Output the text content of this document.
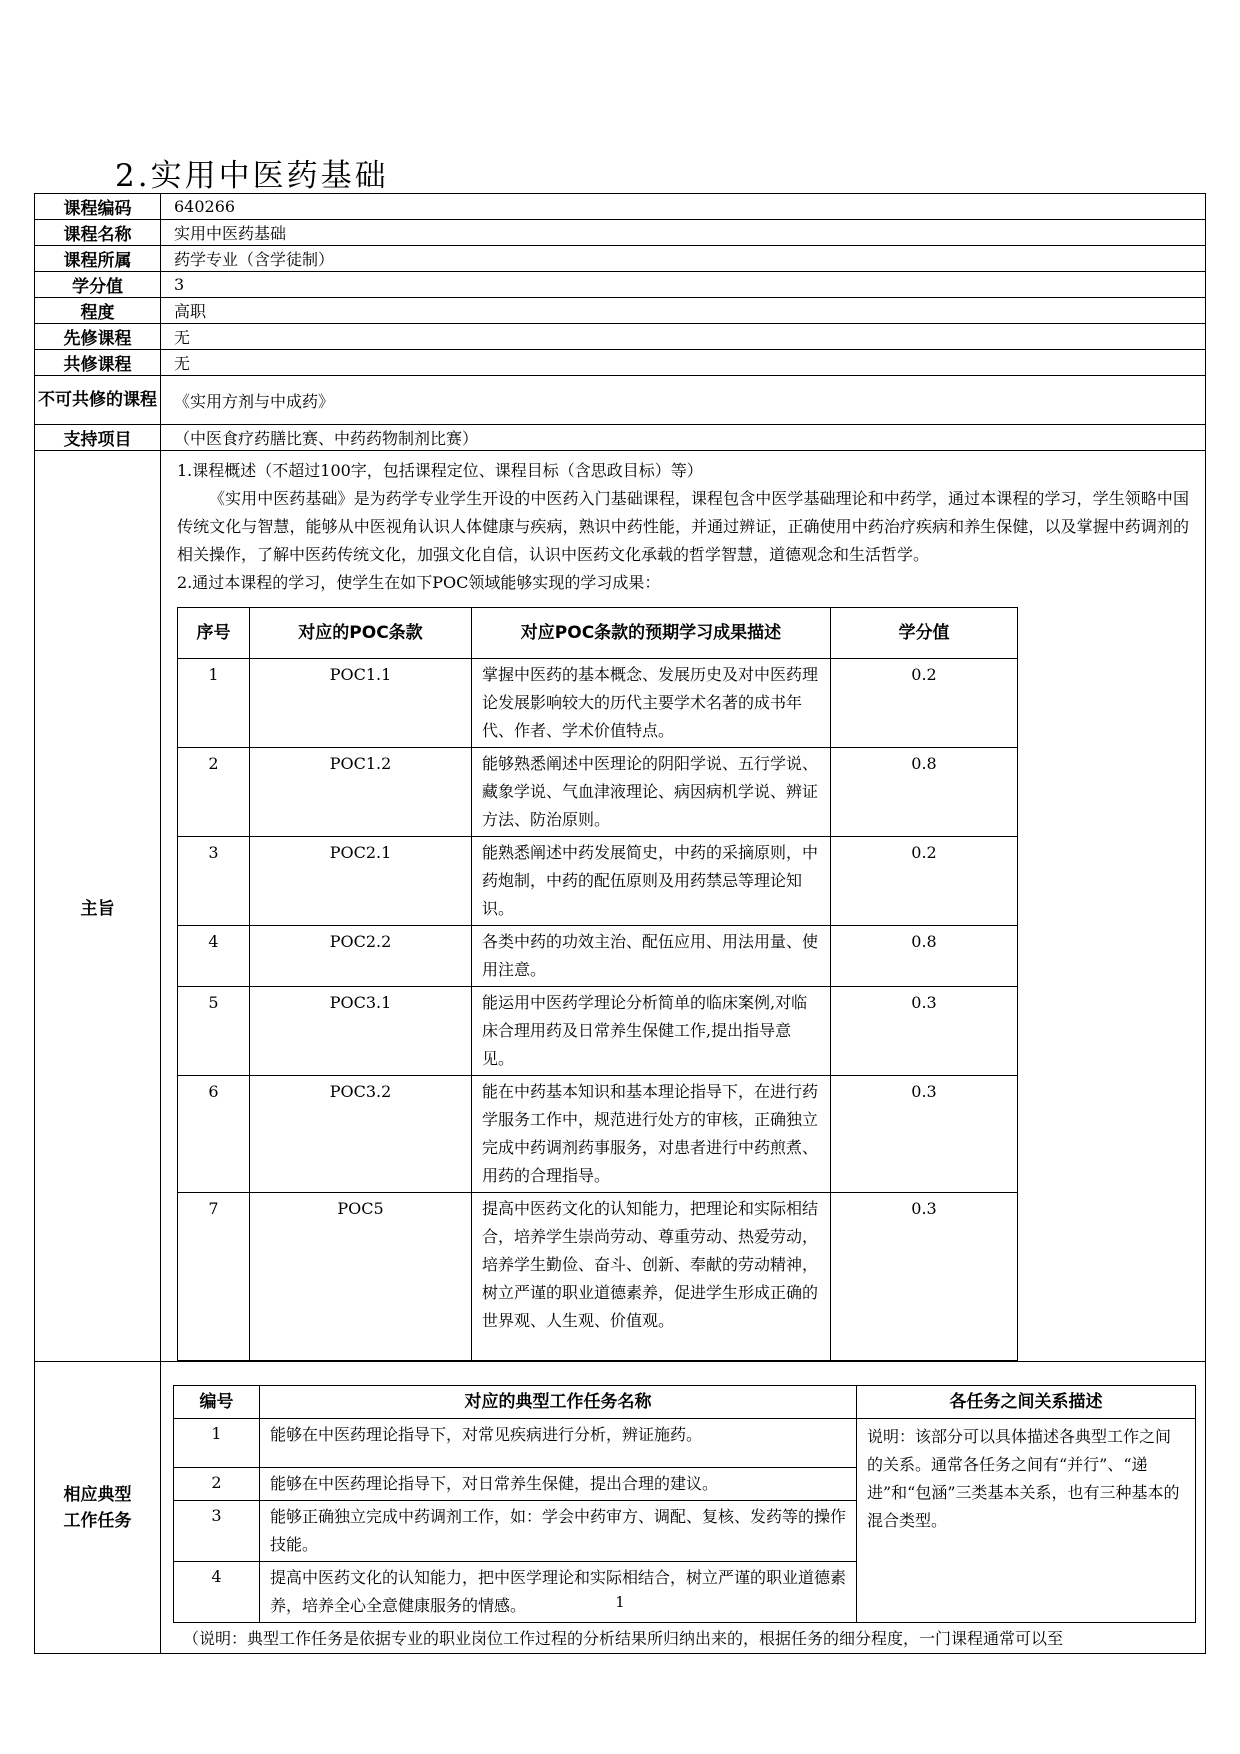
2.实用中医药基础
课程编码	640266
课程名称	实用中医药基础
课程所属	药学专业（含学徒制）
学分值	3
程度	高职
先修课程	无
共修课程	无
不可共修的课程	《实用方剂与中成药》
支持项目	（中医食疗药膳比赛、中药药物制剂比赛）
主旨	
1.课程概述（不超过100字，包括课程定位、课程目标（含思政目标）等）
《实用中医药基础》是为药学专业学生开设的中医药入门基础课程，课程包含中医学基础理论和中药学，通过本课程的学习，学生领略中国传统文化与智慧，能够从中医视角认识人体健康与疾病，熟识中药性能，并通过辨证，正确使用中药治疗疾病和养生保健，以及掌握中药调剂的相关操作，了解中医药传统文化，加强文化自信，认识中医药文化承载的哲学智慧，道德观念和生活哲学。
2.通过本课程的学习，使学生在如下POC领域能够实现的学习成果：
序号	对应的POC条款	对应POC条款的预期学习成果描述	学分值
1	POC1.1	掌握中医药的基本概念、发展历史及对中医药理论发展影响较大的历代主要学术名著的成书年代、作者、学术价值特点。	0.2
2	POC1.2	能够熟悉阐述中医理论的阴阳学说、五行学说、藏象学说、气血津液理论、病因病机学说、辨证方法、防治原则。	0.8
3	POC2.1	能熟悉阐述中药发展简史，中药的采摘原则，中药炮制，中药的配伍原则及用药禁忌等理论知识。	0.2
4	POC2.2	各类中药的功效主治、配伍应用、用法用量、使用注意。	0.8
5	POC3.1	能运用中医药学理论分析简单的临床案例,对临床合理用药及日常养生保健工作,提出指导意见。	0.3
6	POC3.2	能在中药基本知识和基本理论指导下，在进行药学服务工作中，规范进行处方的审核，正确独立完成中药调剂药事服务，对患者进行中药煎煮、用药的合理指导。	0.3
7	POC5	提高中医药文化的认知能力，把理论和实际相结合，培养学生崇尚劳动、尊重劳动、热爱劳动，培养学生勤俭、奋斗、创新、奉献的劳动精神，树立严谨的职业道德素养，促进学生形成正确的世界观、人生观、价值观。	0.3

相应典型工作任务

编号	对应的典型工作任务名称	各任务之间关系描述
1	能够在中医药理论指导下，对常见疾病进行分析，辨证施药。	说明：该部分可以具体描述各典型工作之间的关系。通常各任务之间有“并行”、“递进”和“包涵”三类基本关系，也有三种基本的混合类型。
2	能够在中医药理论指导下，对日常养生保健，提出合理的建议。
3	能够正确独立完成中药调剂工作，如：学会中药审方、调配、复核、发药等的操作技能。
4	提高中医药文化的认知能力，把中医学理论和实际相结合，树立严谨的职业道德素养，培养全心全意健康服务的情感。
（说明：典型工作任务是依据专业的职业岗位工作过程的分析结果所归纳出来的，根据任务的细分程度，一门课程通常可以至
1
